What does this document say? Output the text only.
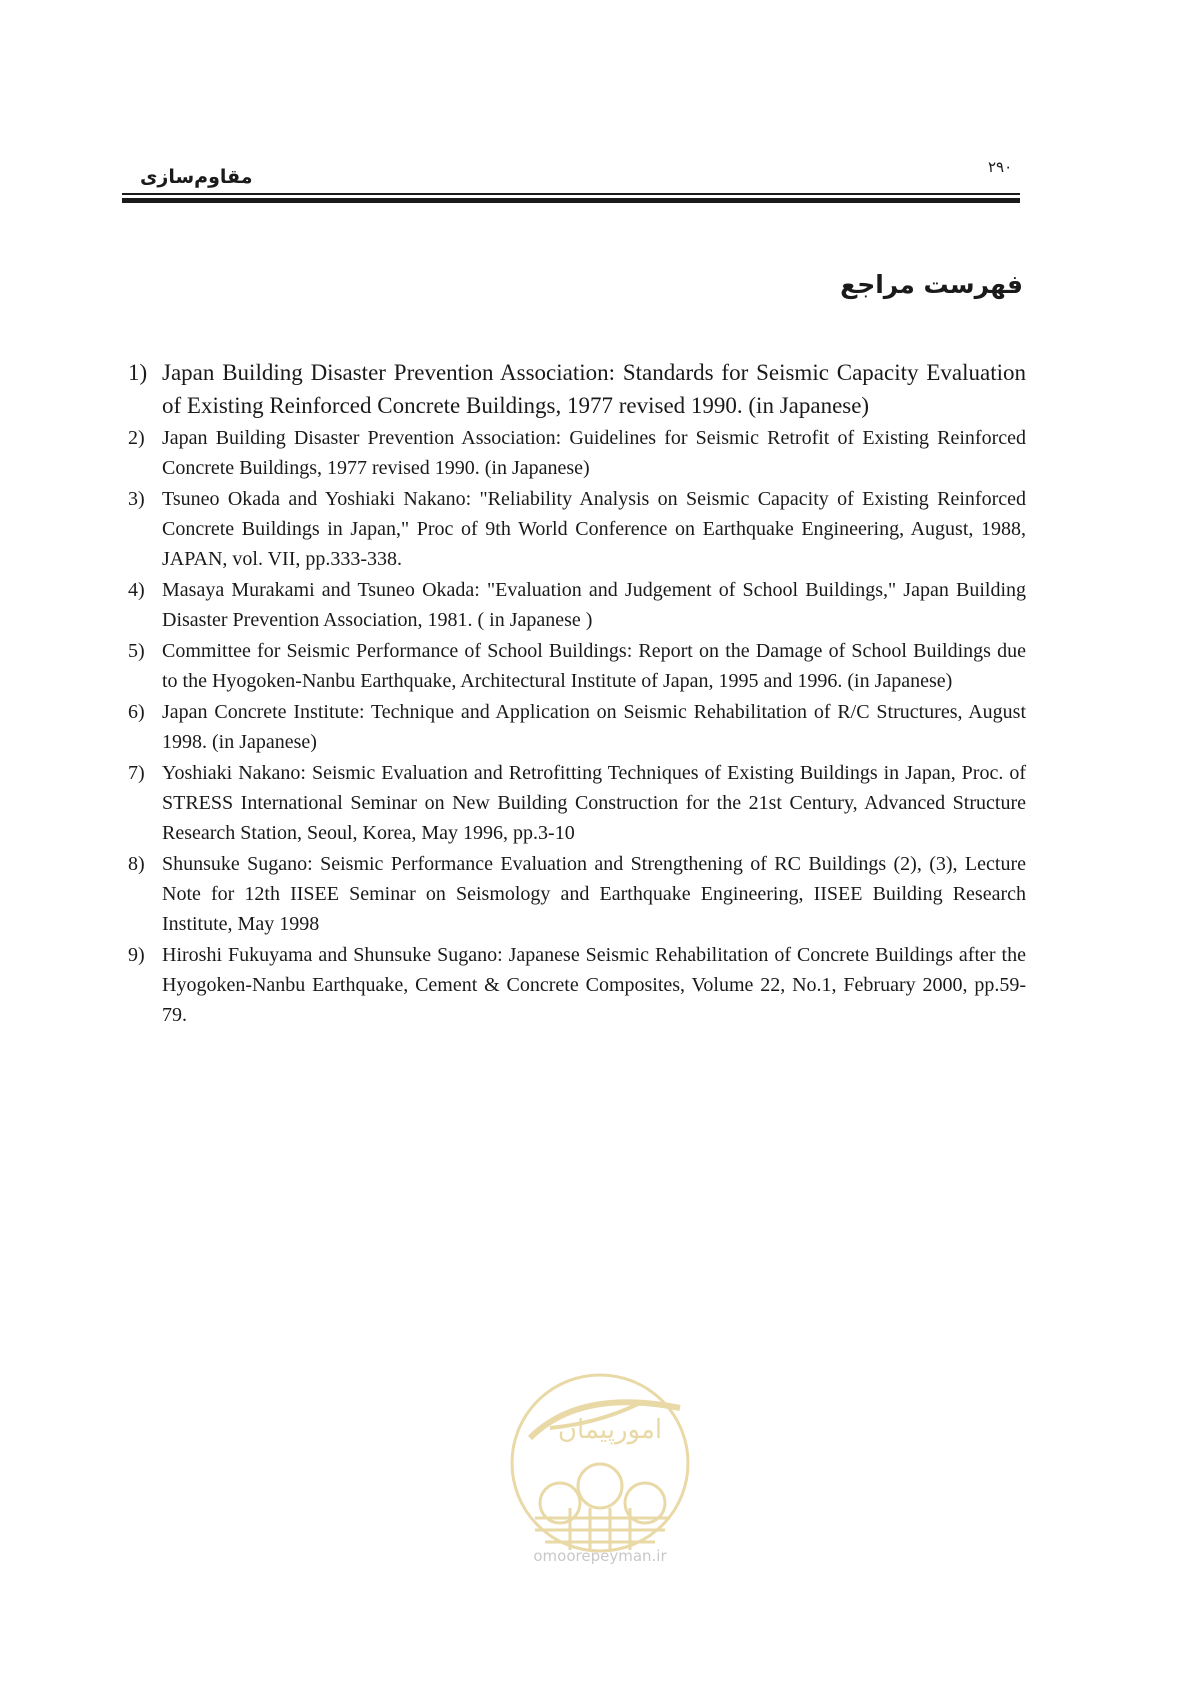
۲۹۰
مقاوم‌سازی
فهرست مراجع
1) Japan Building Disaster Prevention Association: Standards for Seismic Capacity Evaluation of Existing Reinforced Concrete Buildings, 1977 revised 1990. (in Japanese)
2) Japan Building Disaster Prevention Association: Guidelines for Seismic Retrofit of Existing Reinforced Concrete Buildings, 1977 revised 1990. (in Japanese)
3) Tsuneo Okada and Yoshiaki Nakano: "Reliability Analysis on Seismic Capacity of Existing Reinforced Concrete Buildings in Japan," Proc of 9th World Conference on Earthquake Engineering, August, 1988, JAPAN, vol. VII, pp.333-338.
4) Masaya Murakami and Tsuneo Okada: "Evaluation and Judgement of School Buildings," Japan Building Disaster Prevention Association, 1981. ( in Japanese )
5) Committee for Seismic Performance of School Buildings: Report on the Damage of School Buildings due to the Hyogoken-Nanbu Earthquake, Architectural Institute of Japan, 1995 and 1996. (in Japanese)
6) Japan Concrete Institute: Technique and Application on Seismic Rehabilitation of R/C Structures, August 1998. (in Japanese)
7) Yoshiaki Nakano: Seismic Evaluation and Retrofitting Techniques of Existing Buildings in Japan, Proc. of STRESS International Seminar on New Building Construction for the 21st Century, Advanced Structure Research Station, Seoul, Korea, May 1996, pp.3-10
8) Shunsuke Sugano: Seismic Performance Evaluation and Strengthening of RC Buildings (2), (3), Lecture Note for 12th IISEE Seminar on Seismology and Earthquake Engineering, IISEE Building Research Institute, May 1998
9) Hiroshi Fukuyama and Shunsuke Sugano: Japanese Seismic Rehabilitation of Concrete Buildings after the Hyogoken-Nanbu Earthquake, Cement & Concrete Composites, Volume 22, No.1, February 2000, pp.59-79.
امورپیمان
omoorepeyman.ir
